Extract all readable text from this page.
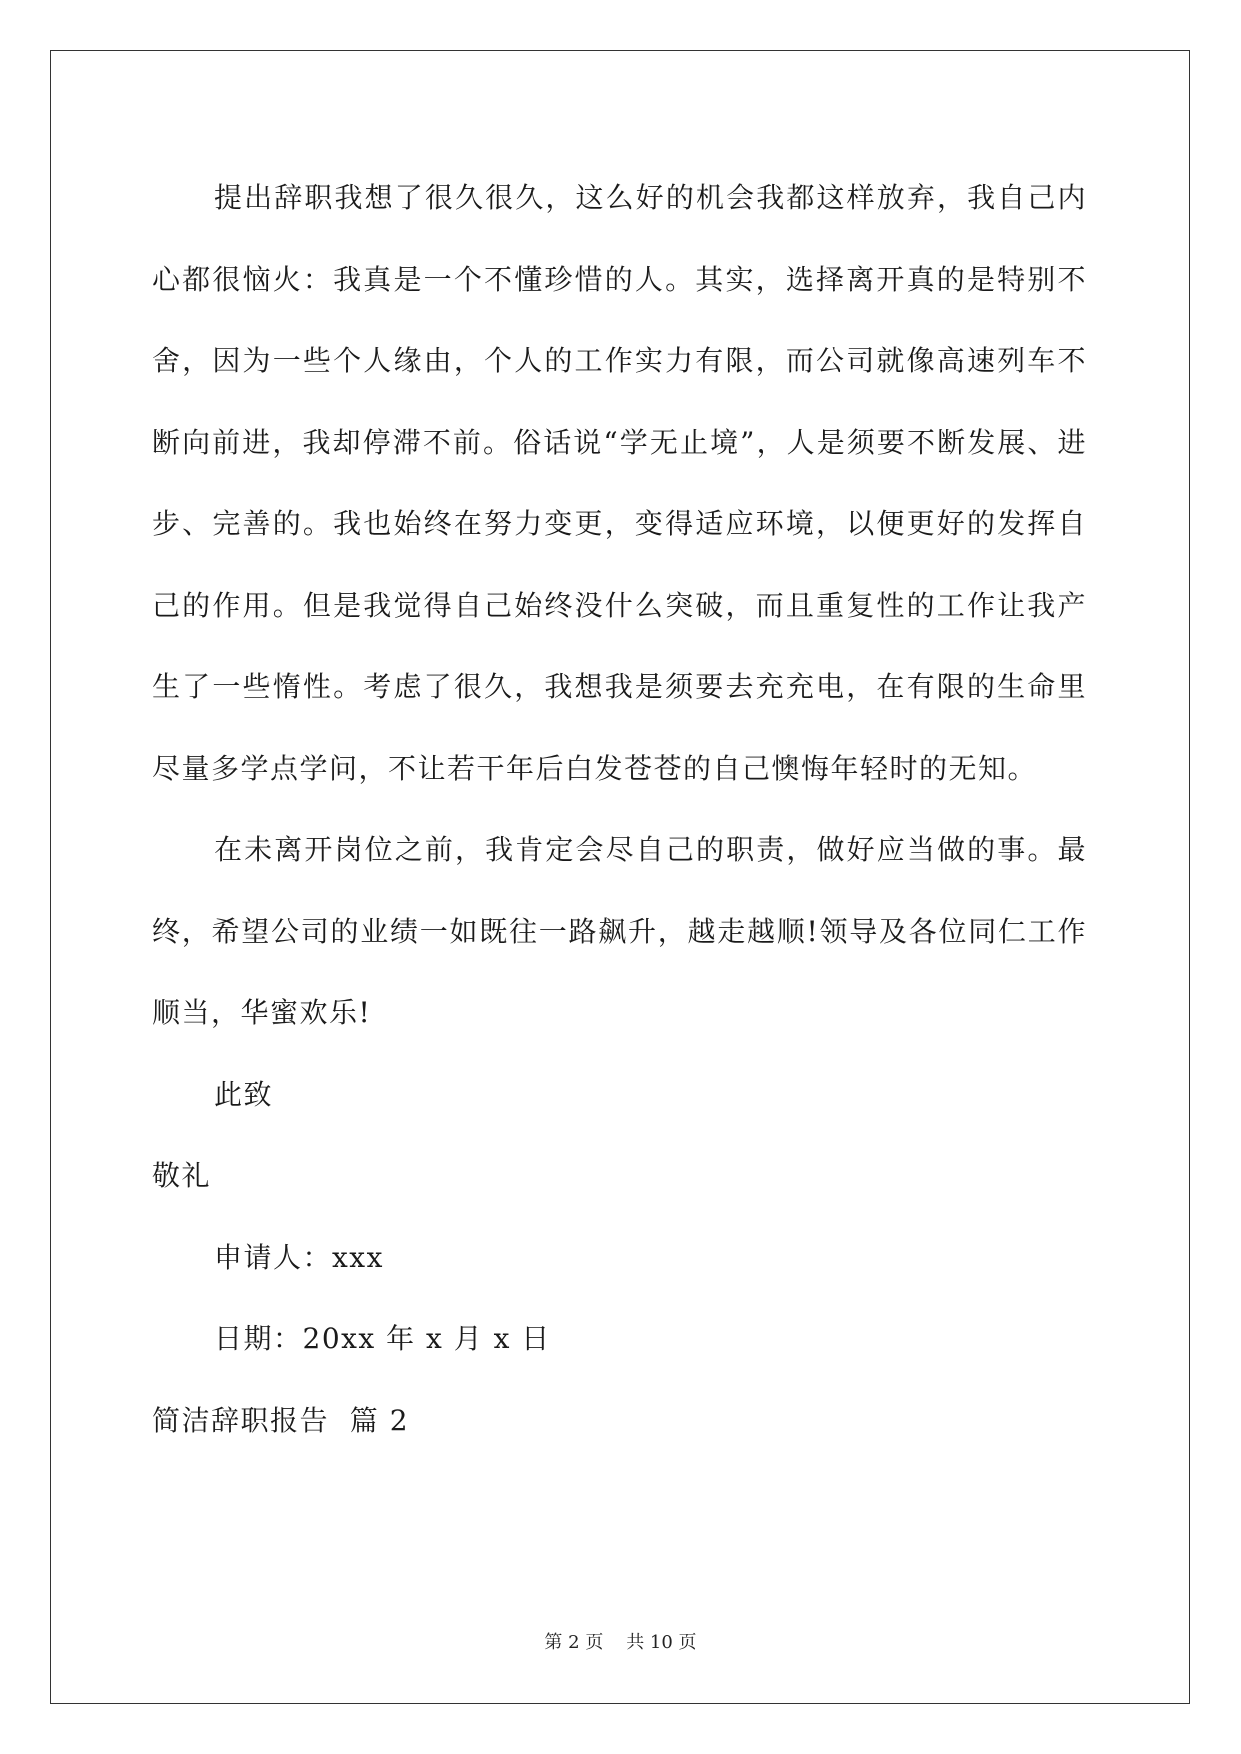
提出辞职我想了很久很久，这么好的机会我都这样放弃，我自己内心都很恼火：我真是一个不懂珍惜的人。其实，选择离开真的是特别不舍，因为一些个人缘由，个人的工作实力有限，而公司就像高速列车不断向前进，我却停滞不前。俗话说“学无止境”，人是须要不断发展、进步、完善的。我也始终在努力变更，变得适应环境，以便更好的发挥自己的作用。但是我觉得自己始终没什么突破，而且重复性的工作让我产生了一些惰性。考虑了很久，我想我是须要去充充电，在有限的生命里尽量多学点学问，不让若干年后白发苍苍的自己懊悔年轻时的无知。

在未离开岗位之前，我肯定会尽自己的职责，做好应当做的事。最终，希望公司的业绩一如既往一路飙升，越走越顺!领导及各位同仁工作顺当，华蜜欢乐!

此致

敬礼

申请人：xxx

日期：20xx 年 x 月 x 日

简洁辞职报告  篇 2

第 2 页    共 10 页
